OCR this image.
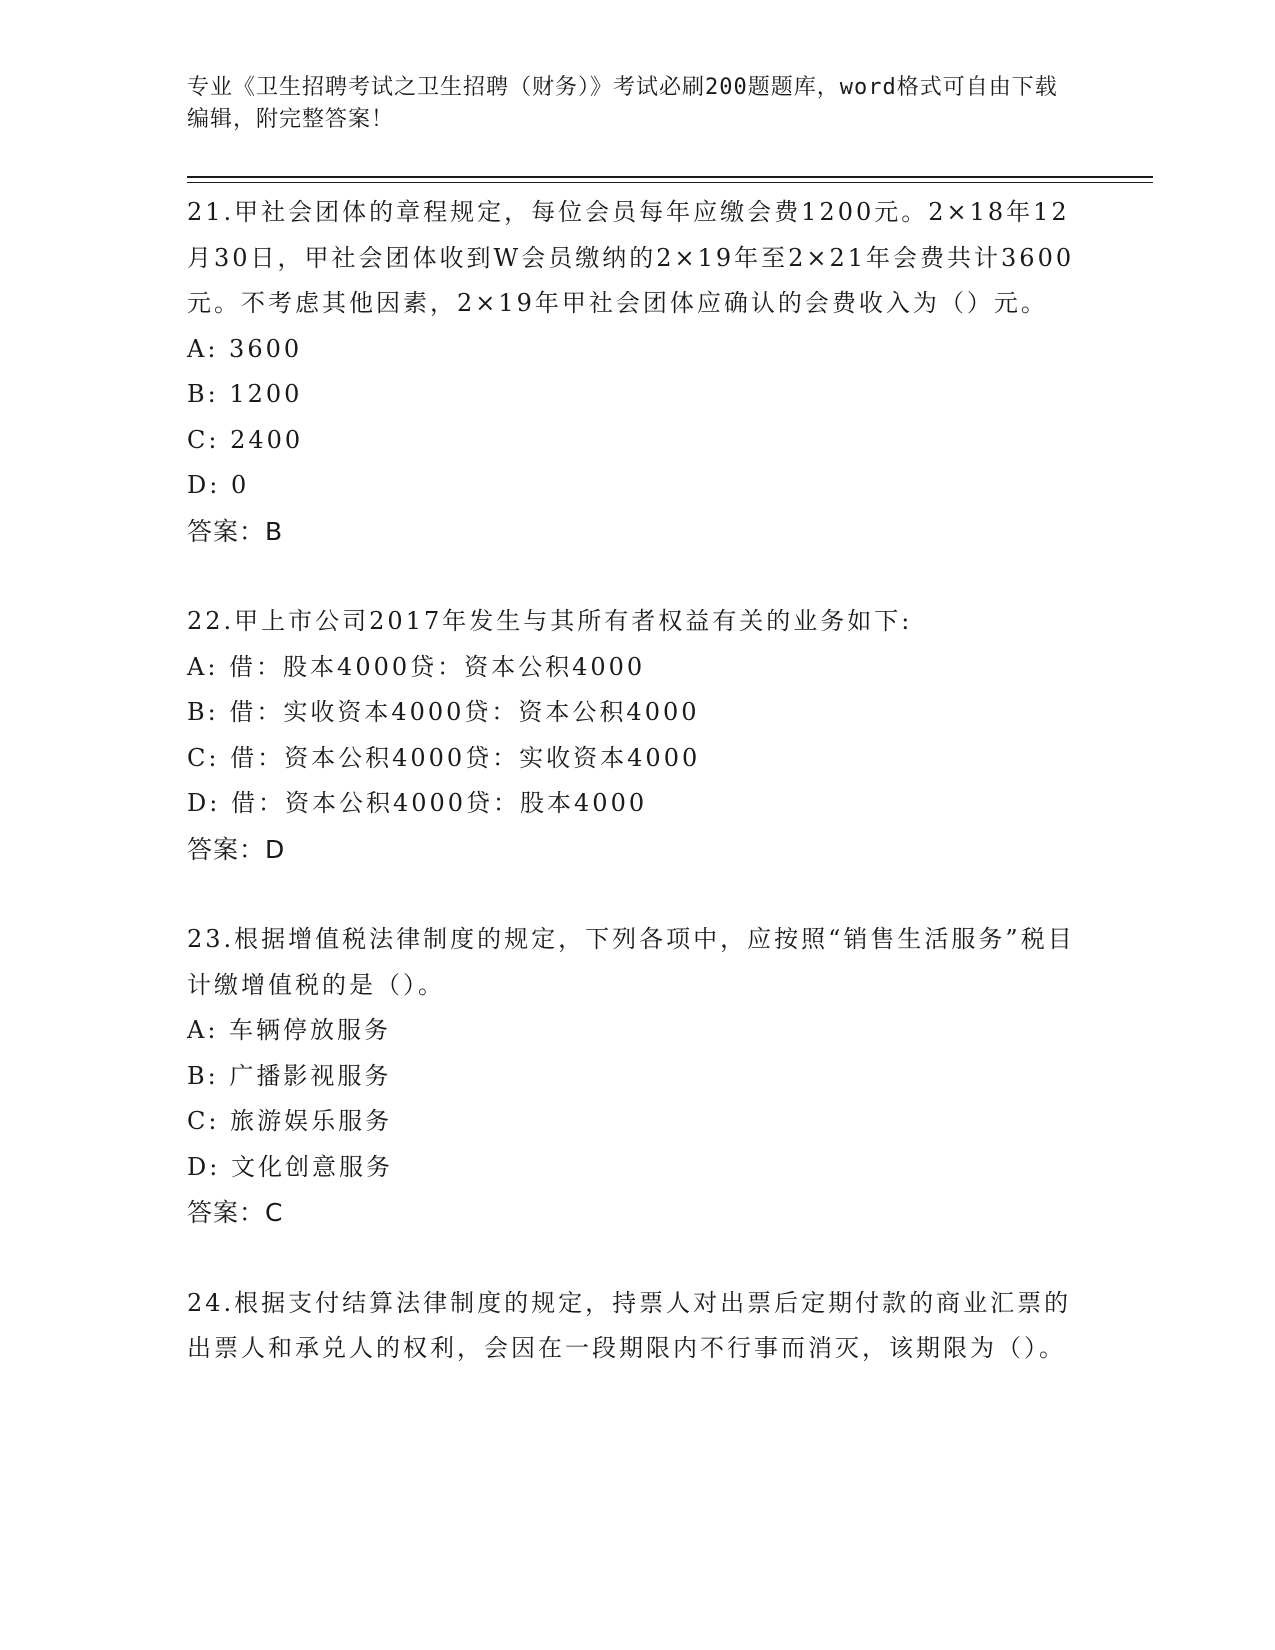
专业《卫生招聘考试之卫生招聘（财务）》考试必刷200题题库，word格式可自由下载编辑，附完整答案！
21.甲社会团体的章程规定，每位会员每年应缴会费1200元。2×18年12月30日，甲社会团体收到W会员缴纳的2×19年至2×21年会费共计3600元。不考虑其他因素，2×19年甲社会团体应确认的会费收入为（）元。
A: 3600
B: 1200
C: 2400
D: 0
答案：B
22.甲上市公司2017年发生与其所有者权益有关的业务如下:
A: 借：股本4000贷：资本公积4000
B: 借：实收资本4000贷：资本公积4000
C: 借：资本公积4000贷：实收资本4000
D: 借：资本公积4000贷：股本4000
答案：D
23.根据增值税法律制度的规定，下列各项中，应按照“销售生活服务”税目计缴增值税的是（）。
A: 车辆停放服务
B: 广播影视服务
C: 旅游娱乐服务
D: 文化创意服务
答案：C
24.根据支付结算法律制度的规定，持票人对出票后定期付款的商业汇票的出票人和承兑人的权利，会因在一段期限内不行事而消灭，该期限为（）。
